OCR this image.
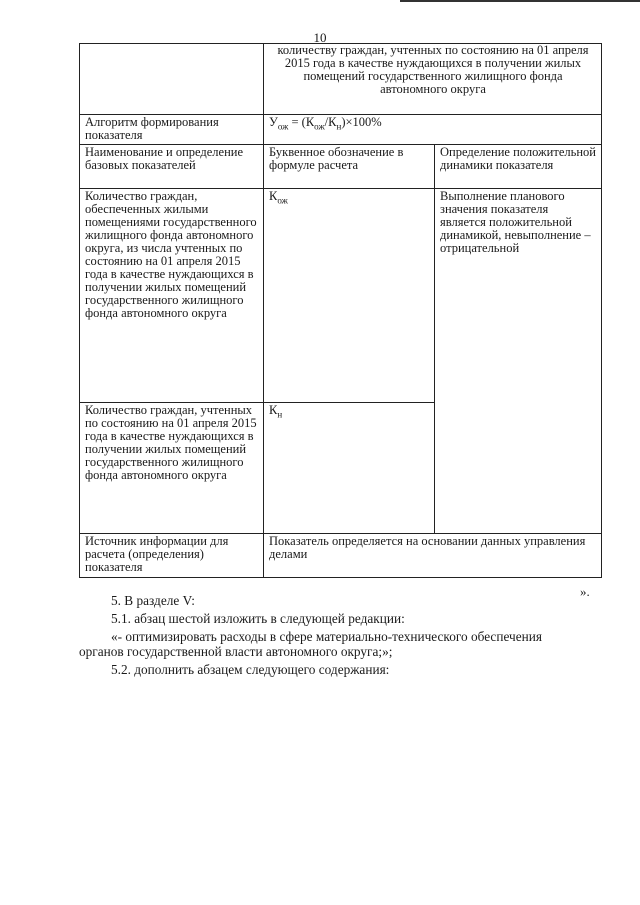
10
	количеству граждан, учтенных по состоянию на 01 апреля 2015 года в качестве нуждающихся в получении жилых помещений государственного жилищного фонда автономного округа	
Алгоритм формирования показателя	$У_{ож} = (К_{ож}/К_н)\times 100\%$	
Наименование и определение базовых показателей	Буквенное обозначение в формуле расчета	Определение положительной динамики показателя
Количество граждан, обеспеченных жилыми помещениями государственного жилищного фонда автономного округа, из числа учтенных по состоянию на 01 апреля 2015 года в качестве нуждающихся в получении жилых помещений государственного жилищного фонда автономного округа	$К_{ож}$	Выполнение планового значения показателя является положительной динамикой, невыполнение – отрицательной
Количество граждан, учтенных по состоянию на 01 апреля 2015 года в качестве нуждающихся в получении жилых помещений государственного жилищного фонда автономного округа	$К_н$
Источник информации для расчета (определения) показателя	Показатель определяется на основании данных управления делами	
».
5. В разделе V:
5.1. абзац шестой изложить в следующей редакции:
«- оптимизировать расходы в сфере материально-технического обеспечения
органов государственной власти автономного округа;»;
5.2. дополнить абзацем следующего содержания:
